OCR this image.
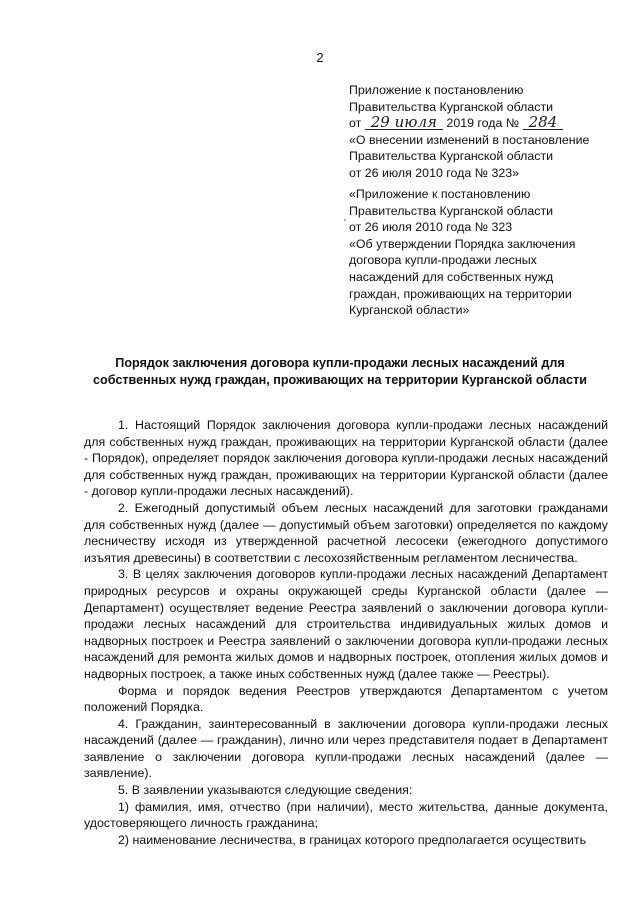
2
Приложение к постановлению
Правительства Курганской области
от 29 июля 2019 года № 284
«О внесении изменений в постановление
Правительства Курганской области
от 26 июля 2010 года № 323»
«Приложение к постановлению
Правительства Курганской области
от 26 июля 2010 года № 323
«Об утверждении Порядка заключения
договора купли-продажи лесных
насаждений для собственных нужд
граждан, проживающих на территории
Курганской области»
Порядок заключения договора купли-продажи лесных насаждений для
собственных нужд граждан, проживающих на территории Курганской области

1. Настоящий Порядок заключения договора купли-продажи лесных насаждений для собственных нужд граждан, проживающих на территории Курганской области (далее - Порядок), определяет порядок заключения договора купли-продажи лесных насаждений для собственных нужд граждан, проживающих на территории Курганской области (далее - договор купли-продажи лесных насаждений).

2. Ежегодный допустимый объем лесных насаждений для заготовки гражданами для собственных нужд (далее — допустимый объем заготовки) определяется по каждому лесничеству исходя из утвержденной расчетной лесосеки (ежегодного допустимого изъятия древесины) в соответствии с лесохозяйственным регламентом лесничества.

3. В целях заключения договоров купли-продажи лесных насаждений Департамент природных ресурсов и охраны окружающей среды Курганской области (далее — Департамент) осуществляет ведение Реестра заявлений о заключении договора купли-продажи лесных насаждений для строительства индивидуальных жилых домов и надворных построек и Реестра заявлений о заключении договора купли-продажи лесных насаждений для ремонта жилых домов и надворных построек, отопления жилых домов и надворных построек, а также иных собственных нужд (далее также — Реестры).

Форма и порядок ведения Реестров утверждаются Департаментом с учетом положений Порядка.

4. Гражданин, заинтересованный в заключении договора купли-продажи лесных насаждений (далее — гражданин), лично или через представителя подает в Департамент заявление о заключении договора купли-продажи лесных насаждений (далее — заявление).

5. В заявлении указываются следующие сведения:

1) фамилия, имя, отчество (при наличии), место жительства, данные документа, удостоверяющего личность гражданина;

2) наименование лесничества, в границах которого предполагается осуществить
